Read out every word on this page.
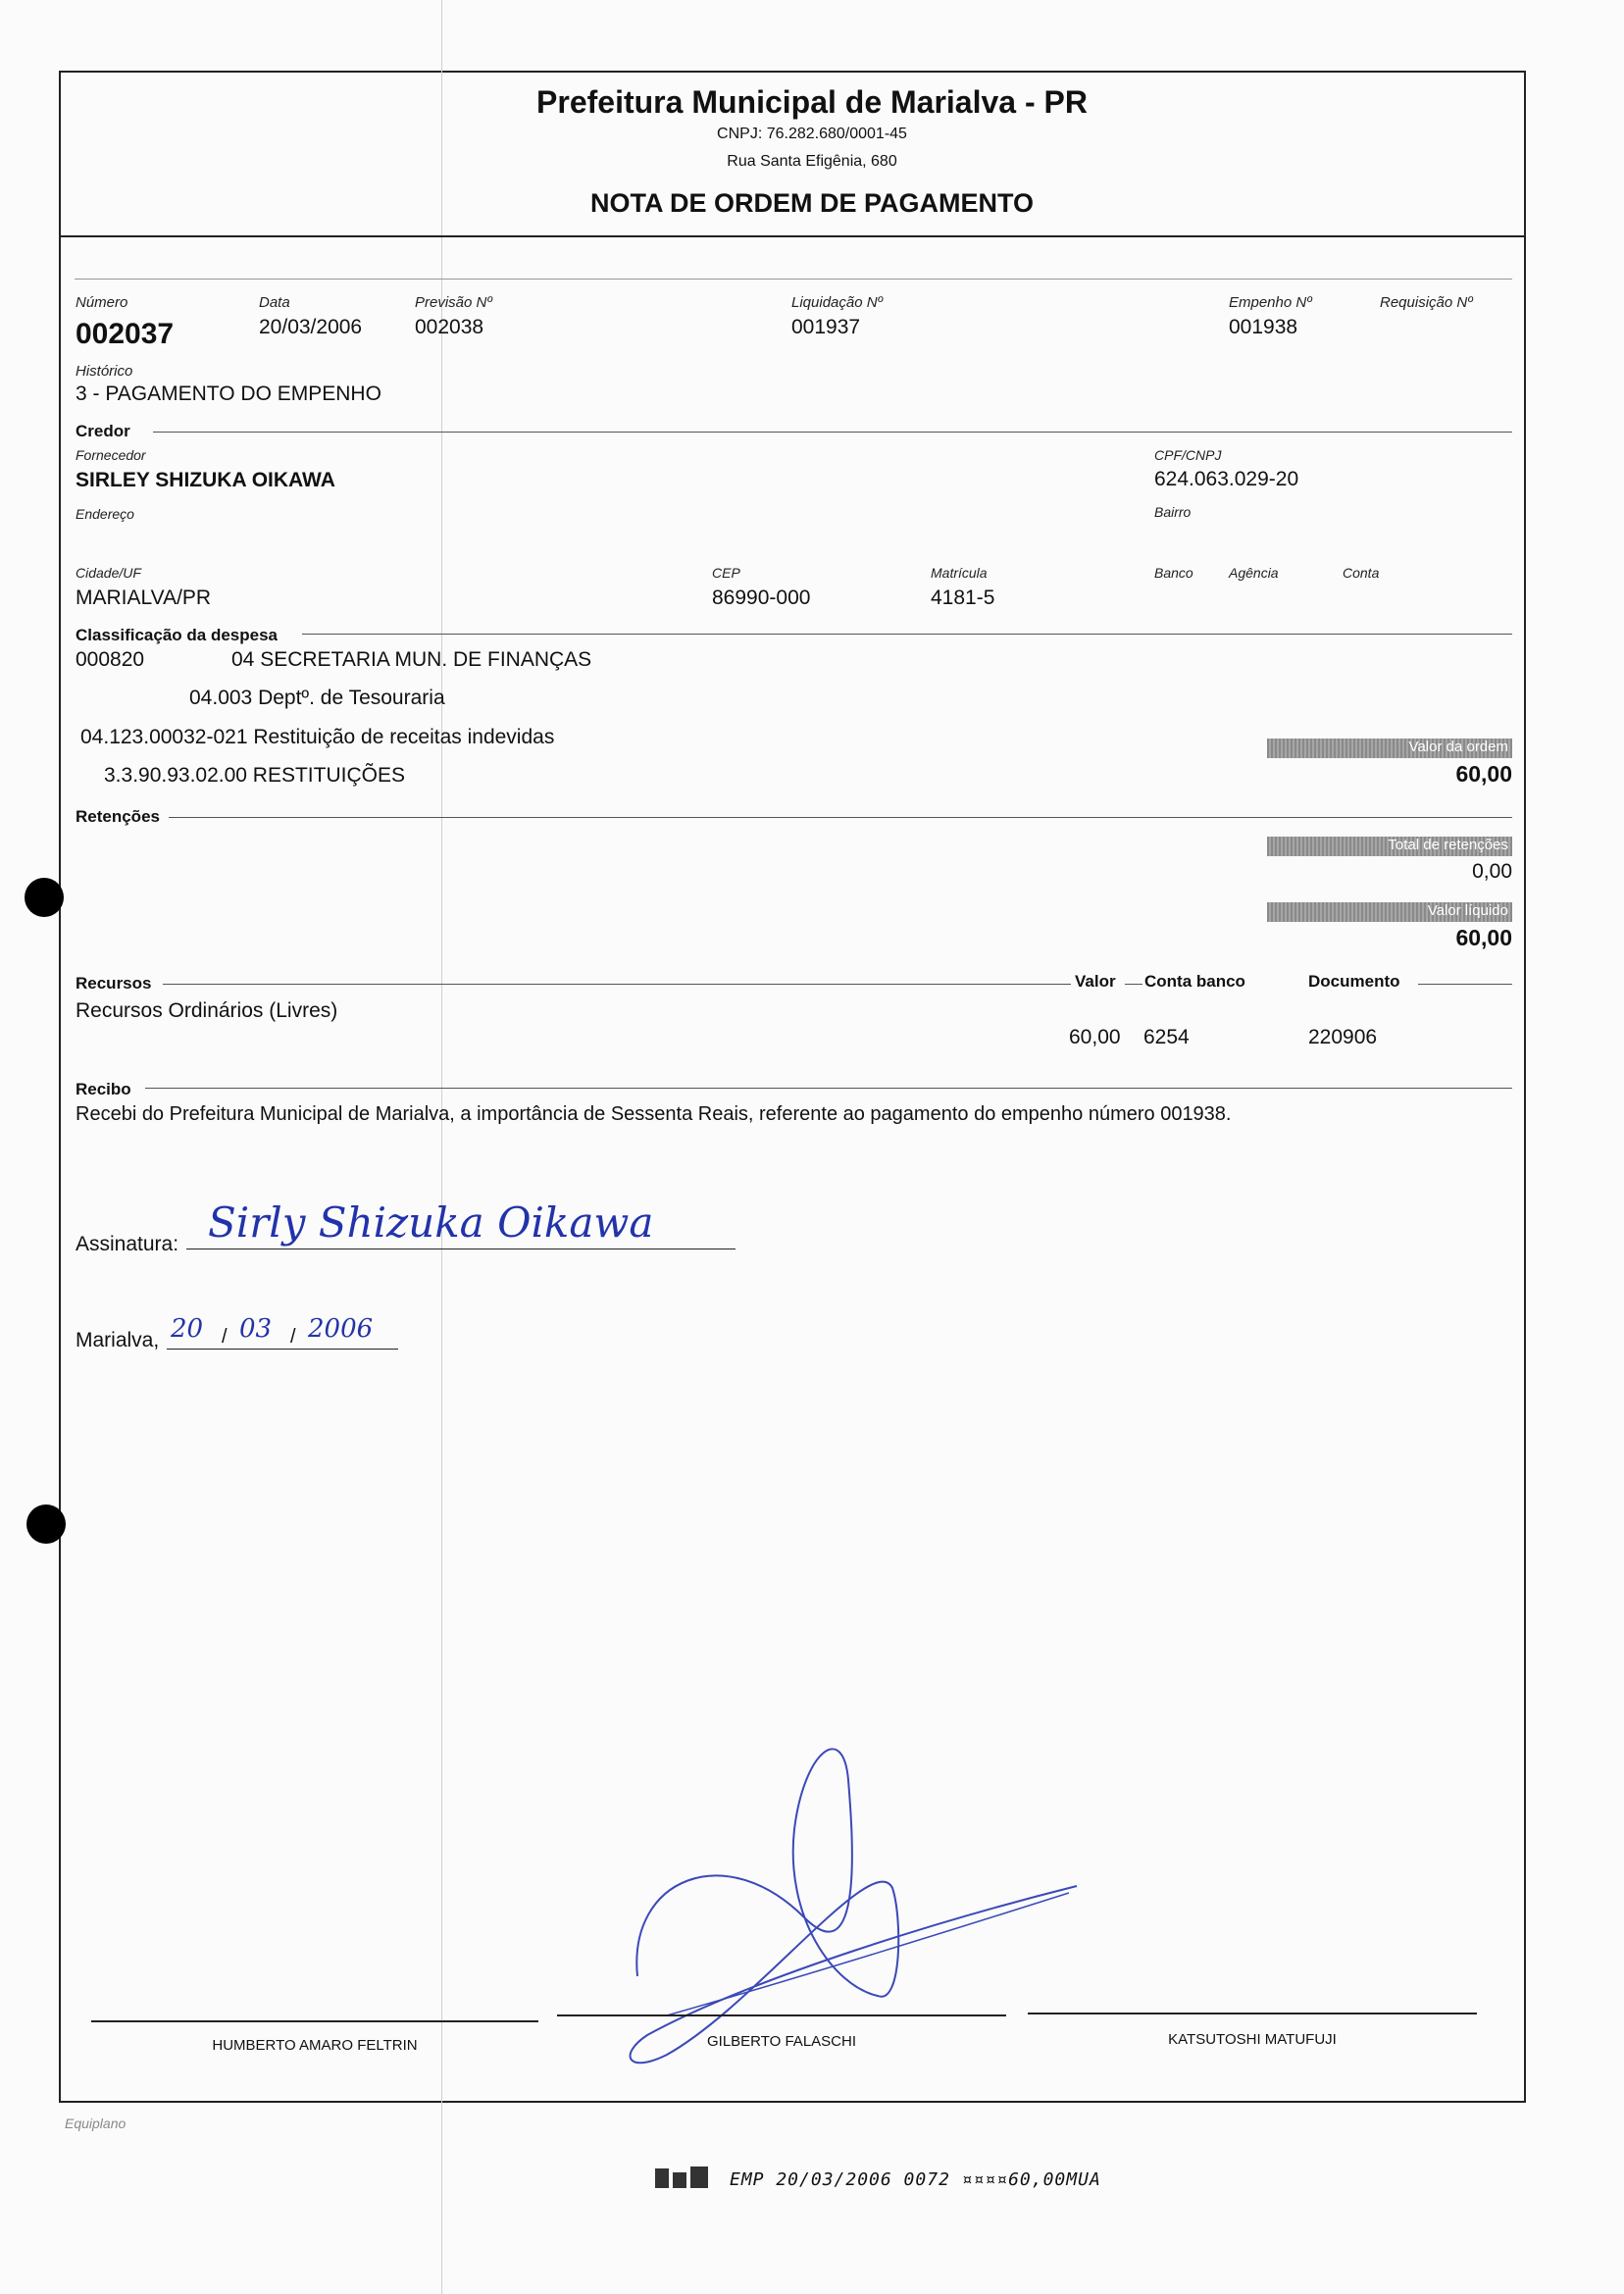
Prefeitura Municipal de Marialva - PR
CNPJ: 76.282.680/0001-45
Rua Santa Efigênia, 680
NOTA DE ORDEM DE PAGAMENTO
Número
002037
Data
20/03/2006
Previsão Nº
002038
Liquidação Nº
001937
Empenho Nº
001938
Requisição Nº
Histórico
3 - PAGAMENTO DO EMPENHO
Credor
Fornecedor
SIRLEY SHIZUKA OIKAWA
CPF/CNPJ
624.063.029-20
Endereço	Bairro
Cidade/UF
MARIALVA/PR
CEP
86990-000
Matrícula
4181-5
Banco	Agência	Conta
Classificação da despesa
000820	04 SECRETARIA MUN. DE FINANÇAS
04.003 Deptº. de Tesouraria
04.123.00032-021 Restituição de receitas indevidas
3.3.90.93.02.00 RESTITUIÇÕES
Valor da ordem
60,00
Retenções
Total de retenções
0,00
Valor líquido
60,00
Recursos	Valor Conta banco	Documento
Recursos Ordinários (Livres)
60,00 6254	220906
Recibo
Recebi do Prefeitura Municipal de Marialva, a importância de Sessenta Reais, referente ao pagamento do empenho número 001938.
Assinatura: Sirly Shizuka Oikawa
Marialva, 20 / 03 / 2006
HUMBERTO AMARO FELTRIN	GILBERTO FALASCHI	KATSUTOSHI MATUFUJI
Equiplano
EMP 20/03/2006 0072 ¤¤¤¤60,00MUA
